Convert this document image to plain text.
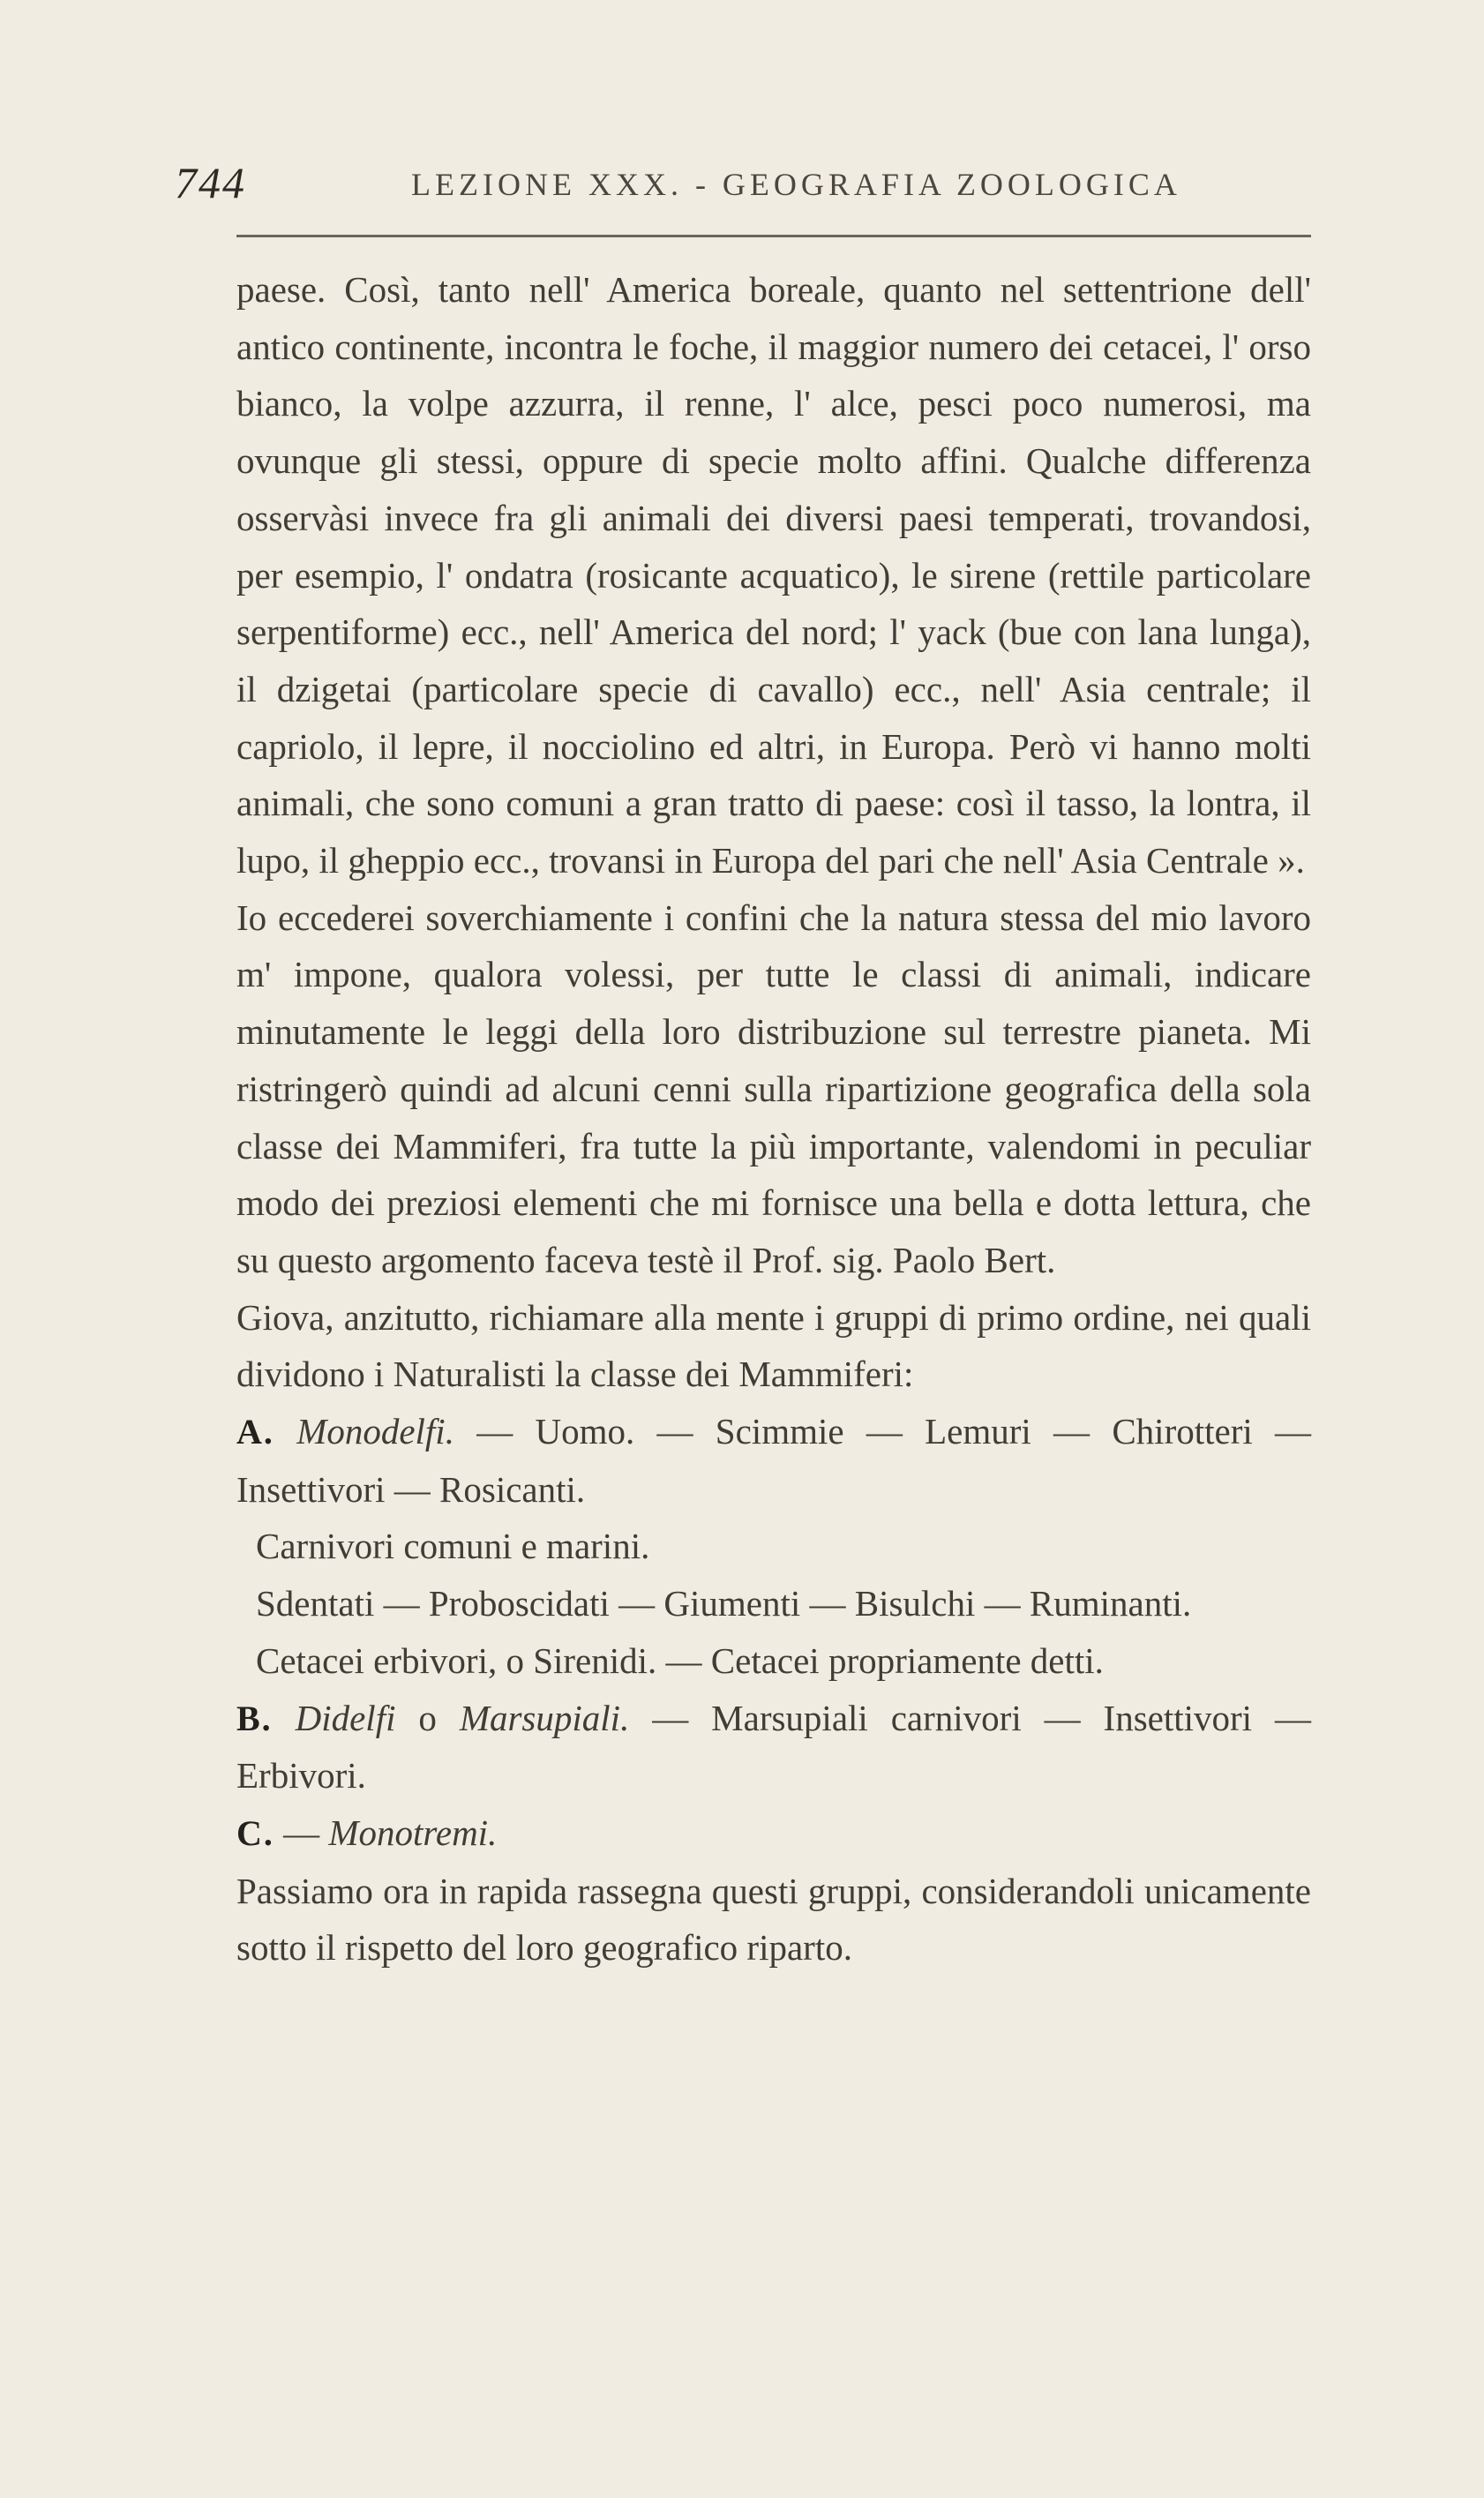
744	LEZIONE XXX. - GEOGRAFIA ZOOLOGICA

paese. Così, tanto nell' America boreale, quanto nel settentrione dell' antico continente, incontra le foche, il maggior numero dei cetacei, l' orso bianco, la volpe azzurra, il renne, l' alce, pesci poco numerosi, ma ovunque gli stessi, oppure di specie molto affini. Qualche differenza osservàsi invece fra gli animali dei diversi paesi temperati, trovandosi, per esempio, l' ondatra (rosicante acquatico), le sirene (rettile particolare serpentiforme) ecc., nell' America del nord; l' yack (bue con lana lunga), il dzigetai (particolare specie di cavallo) ecc., nell' Asia centrale; il capriolo, il lepre, il nocciolino ed altri, in Europa. Però vi hanno molti animali, che sono comuni a gran tratto di paese: così il tasso, la lontra, il lupo, il gheppio ecc., trovansi in Europa del pari che nell' Asia Centrale ».

Io eccederei soverchiamente i confini che la natura stessa del mio lavoro m' impone, qualora volessi, per tutte le classi di animali, indicare minutamente le leggi della loro distribuzione sul terrestre pianeta. Mi ristringerò quindi ad alcuni cenni sulla ripartizione geografica della sola classe dei Mammiferi, fra tutte la più importante, valendomi in peculiar modo dei preziosi elementi che mi fornisce una bella e dotta lettura, che su questo argomento faceva testè il Prof. sig. Paolo Bert.

Giova, anzitutto, richiamare alla mente i gruppi di primo ordine, nei quali dividono i Naturalisti la classe dei Mammiferi:

A. Monodelfi. — Uomo. — Scimmie — Lemuri — Chirotteri — Insettivori — Rosicanti.

Carnivori comuni e marini.

Sdentati — Proboscidati — Giumenti — Bisulchi — Ruminanti.

Cetacei erbivori, o Sirenidi. — Cetacei propriamente detti.

B. Didelfi o Marsupiali. — Marsupiali carnivori — Insettivori — Erbivori.

C. — Monotremi.

Passiamo ora in rapida rassegna questi gruppi, considerandoli unicamente sotto il rispetto del loro geografico riparto.
